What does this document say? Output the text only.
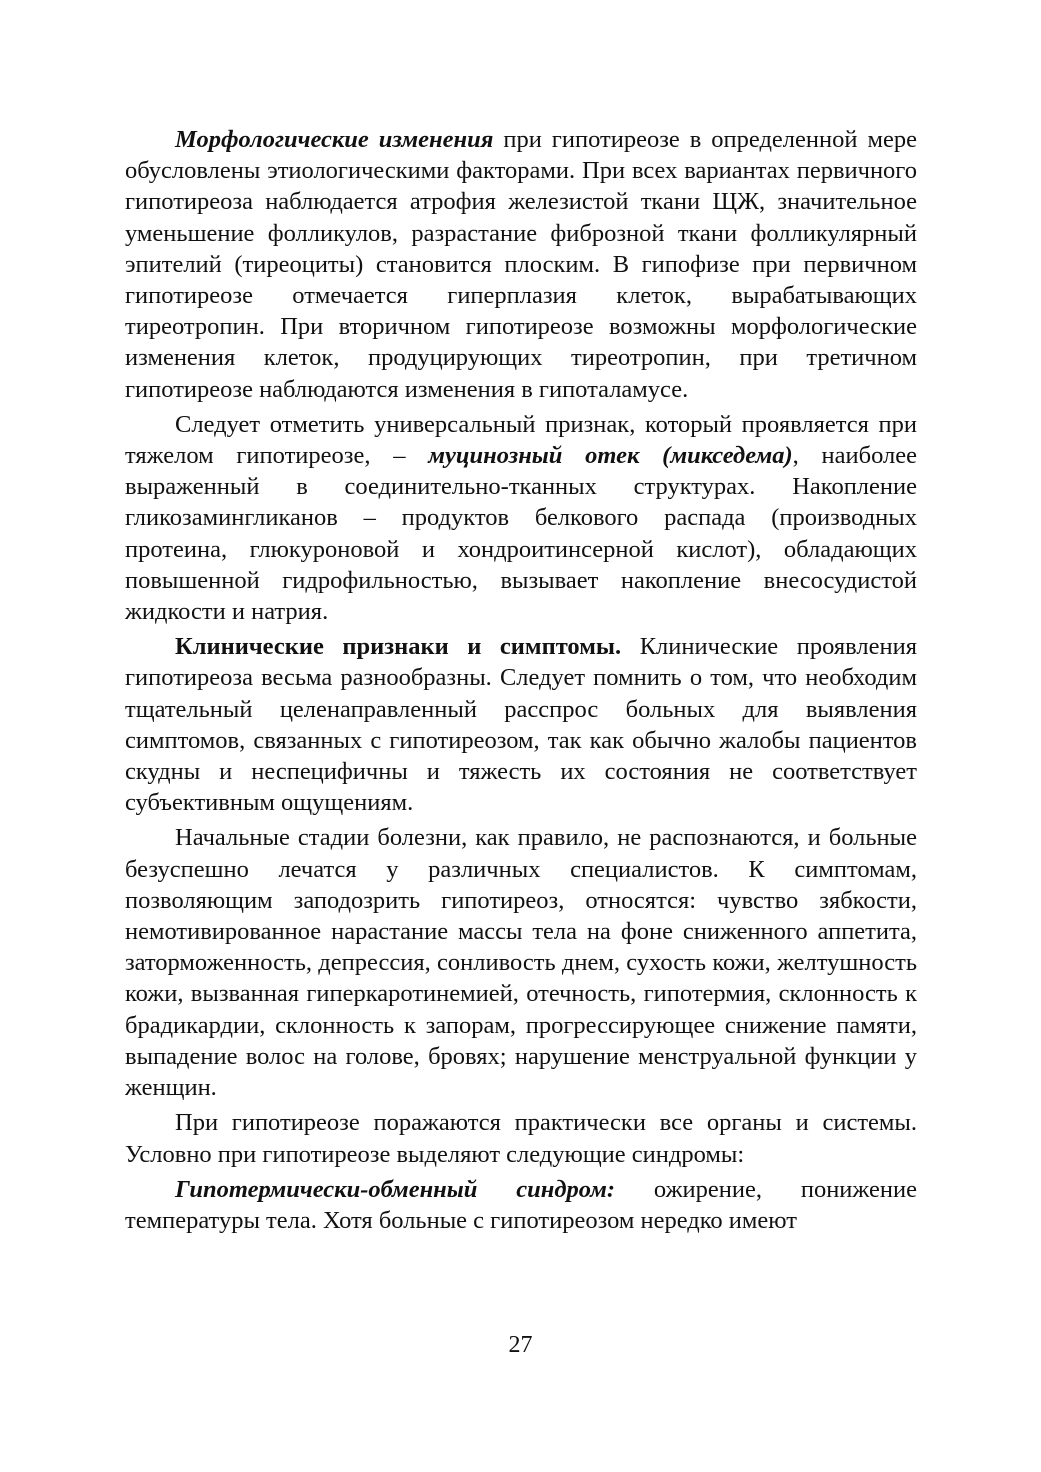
Морфологические изменения при гипотиреозе в определенной мере обусловлены этиологическими факторами. При всех вариантах первичного гипотиреоза наблюдается атрофия железистой ткани ЩЖ, значительное уменьшение фолликулов, разрастание фиброзной ткани фолликулярный эпителий (тиреоциты) становится плоским. В гипофизе при первичном гипотиреозе отмечается гиперплазия клеток, вырабатывающих тиреотропин. При вторичном гипотиреозе возможны морфологические изменения клеток, продуцирующих тиреотропин, при третичном гипотиреозе наблюдаются изменения в гипоталамусе.

Следует отметить универсальный признак, который проявляется при тяжелом гипотиреозе, – муцинозный отек (микседема), наиболее выраженный в соединительно-тканных структурах. Накопление гликозамингликанов – продуктов белкового распада (производных протеина, глюкуроновой и хондроитинсерной кислот), обладающих повышенной гидрофильностью, вызывает накопление внесосудистой жидкости и натрия.

Клинические признаки и симптомы. Клинические проявления гипотиреоза весьма разнообразны. Следует помнить о том, что необходим тщательный целенаправленный расспрос больных для выявления симптомов, связанных с гипотиреозом, так как обычно жалобы пациентов скудны и неспецифичны и тяжесть их состояния не соответствует субъективным ощущениям.

Начальные стадии болезни, как правило, не распознаются, и больные безуспешно лечатся у различных специалистов. К симптомам, позволяющим заподозрить гипотиреоз, относятся: чувство зябкости, немотивированное нарастание массы тела на фоне сниженного аппетита, заторможенность, депрессия, сонливость днем, сухость кожи, желтушность кожи, вызванная гиперкаротинемией, отечность, гипотермия, склонность к брадикардии, склонность к запорам, прогрессирующее снижение памяти, выпадение волос на голове, бровях; нарушение менструальной функции у женщин.

При гипотиреозе поражаются практически все органы и системы. Условно при гипотиреозе выделяют следующие синдромы:

Гипотермически-обменный синдром: ожирение, понижение температуры тела. Хотя больные с гипотиреозом нередко имеют

27
